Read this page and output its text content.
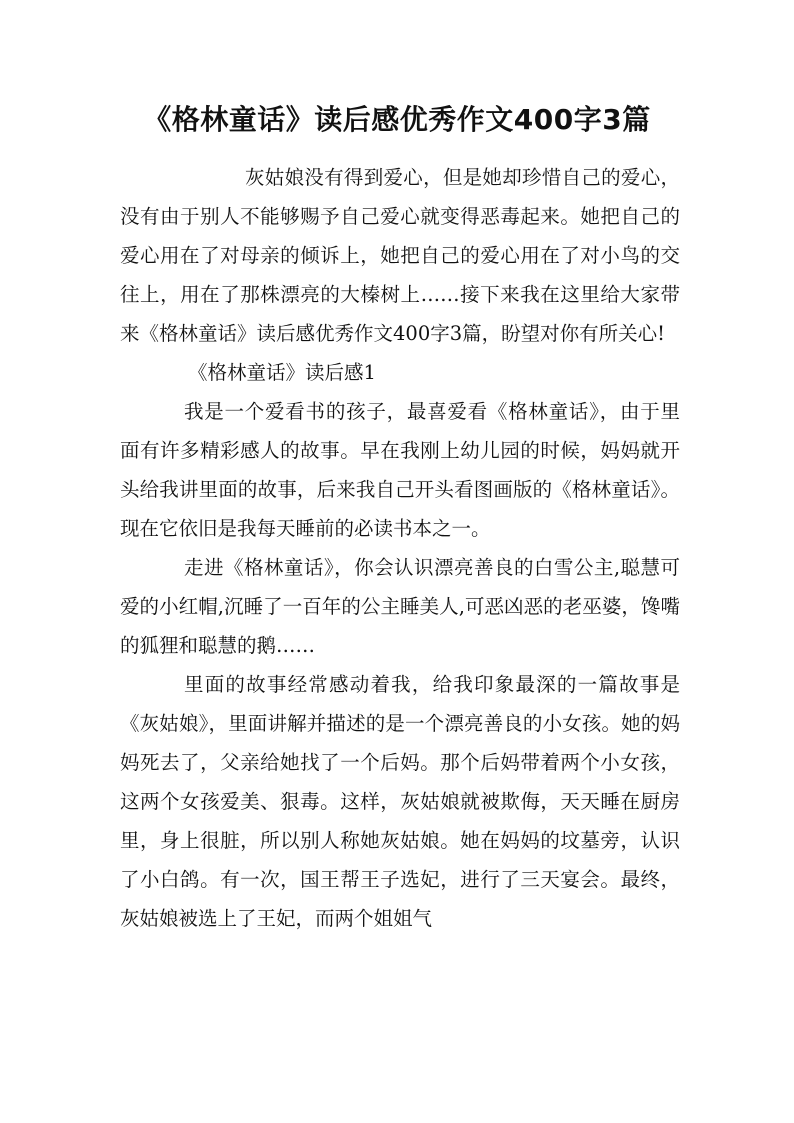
《格林童话》读后感优秀作文400字3篇

灰姑娘没有得到爱心，但是她却珍惜自己的爱心，没有由于别人不能够赐予自己爱心就变得恶毒起来。她把自己的爱心用在了对母亲的倾诉上，她把自己的爱心用在了对小鸟的交往上，用在了那株漂亮的大榛树上……接下来我在这里给大家带来《格林童话》读后感优秀作文400字3篇，盼望对你有所关心!

《格林童话》读后感1

我是一个爱看书的孩子，最喜爱看《格林童话》，由于里面有许多精彩感人的故事。早在我刚上幼儿园的时候，妈妈就开头给我讲里面的故事，后来我自己开头看图画版的《格林童话》。现在它依旧是我每天睡前的必读书本之一。

走进《格林童话》，你会认识漂亮善良的白雪公主,聪慧可爱的小红帽,沉睡了一百年的公主睡美人,可恶凶恶的老巫婆，馋嘴的狐狸和聪慧的鹅……

里面的故事经常感动着我，给我印象最深的一篇故事是《灰姑娘》，里面讲解并描述的是一个漂亮善良的小女孩。她的妈妈死去了，父亲给她找了一个后妈。那个后妈带着两个小女孩，这两个女孩爱美、狠毒。这样，灰姑娘就被欺侮，天天睡在厨房里，身上很脏，所以别人称她灰姑娘。她在妈妈的坟墓旁，认识了小白鸽。有一次，国王帮王子选妃，进行了三天宴会。最终，灰姑娘被选上了王妃，而两个姐姐气
